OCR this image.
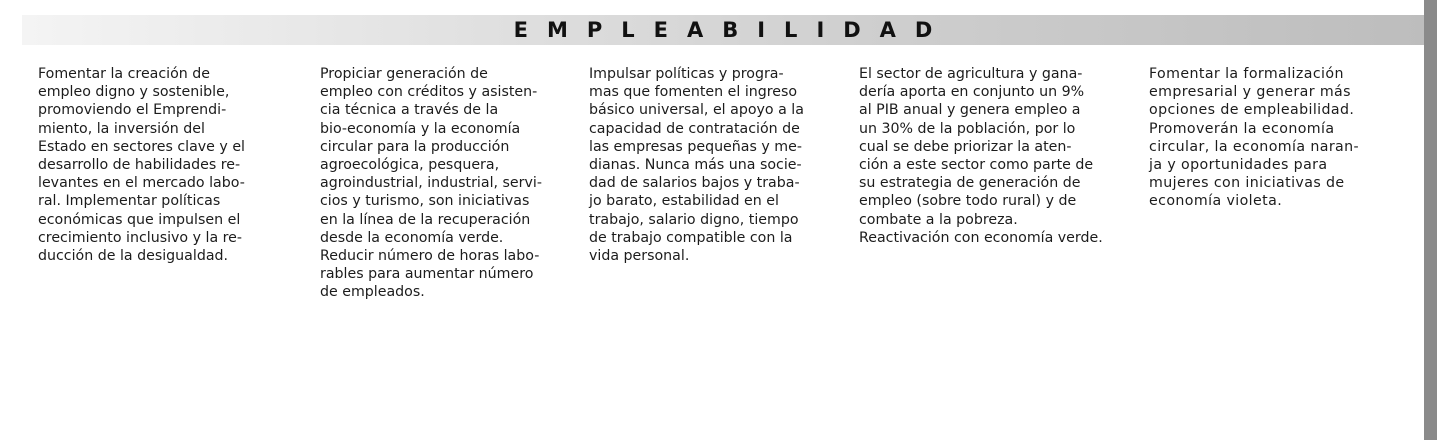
EMPLEABILIDAD
Fomentar la creación de
empleo digno y sostenible,
promoviendo el Emprendi-
miento, la inversión del
Estado en sectores clave y el
desarrollo de habilidades re-
levantes en el mercado labo-
ral. Implementar políticas
económicas que impulsen el
crecimiento inclusivo y la re-
ducción de la desigualdad.
Propiciar generación de
empleo con créditos y asisten-
cia técnica a través de la
bio-economía y la economía
circular para la producción
agroecológica, pesquera,
agroindustrial, industrial, servi-
cios y turismo, son iniciativas
en la línea de la recuperación
desde la economía verde.
Reducir número de horas labo-
rables para aumentar número
de empleados.
Impulsar políticas y progra-
mas que fomenten el ingreso
básico universal, el apoyo a la
capacidad de contratación de
las empresas pequeñas y me-
dianas. Nunca más una socie-
dad de salarios bajos y traba-
jo barato, estabilidad en el
trabajo, salario digno, tiempo
de trabajo compatible con la
vida personal.
El sector de agricultura y gana-
dería aporta en conjunto un 9%
al PIB anual y genera empleo a
un 30% de la población, por lo
cual se debe priorizar la aten-
ción a este sector como parte de
su estrategia de generación de
empleo (sobre todo rural) y de
combate a la pobreza.
Reactivación con economía verde.
Fomentar la formalización
empresarial y generar más
opciones de empleabilidad.
Promoverán la economía
circular, la economía naran-
ja y oportunidades para
mujeres con iniciativas de
economía violeta.
